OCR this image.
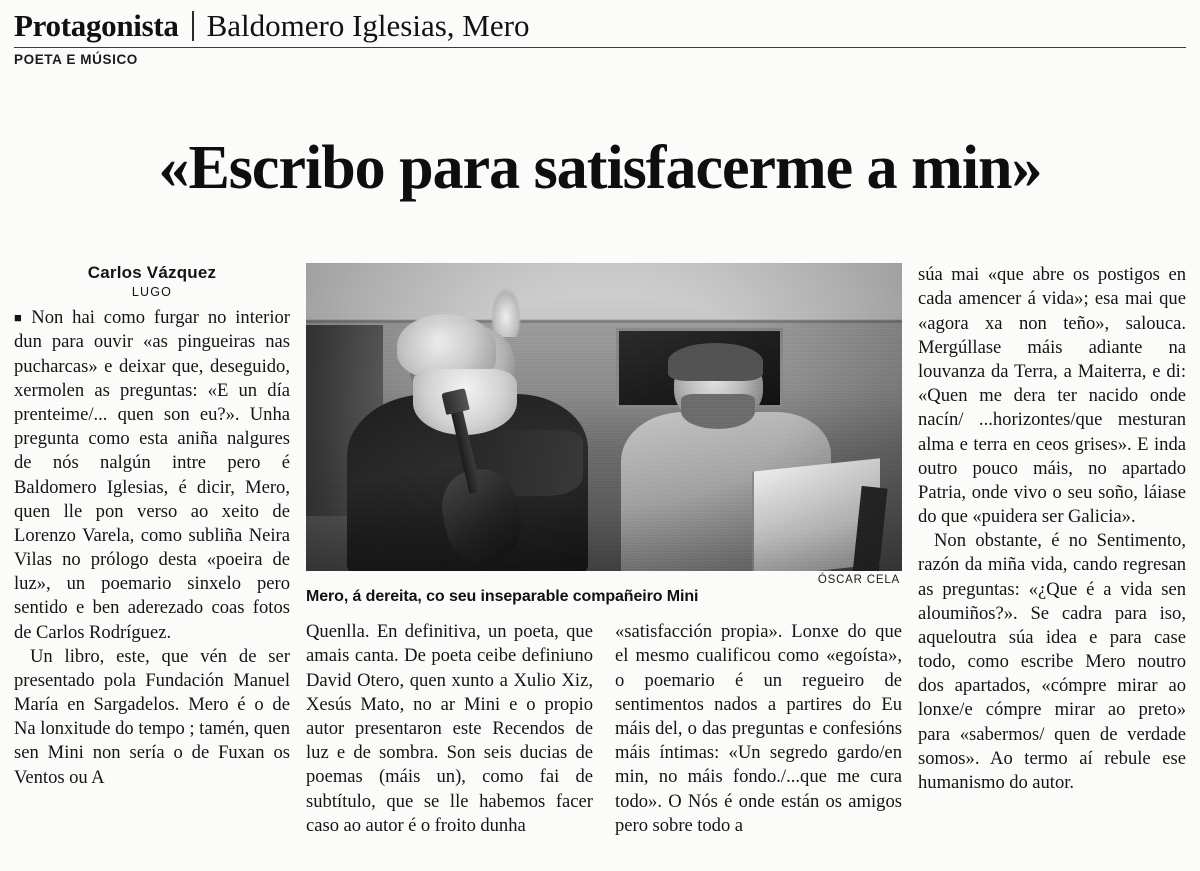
Protagonista Baldomero Iglesias, Mero
POETA E MÚSICO
«Escribo para satisfacerme a min»
Carlos Vázquez
LUGO

■ Non hai como furgar no interior dun para ouvir «as pingueiras nas pucharcas» e deixar que, deseguido, xermolen as preguntas: «E un día prenteime/... quen son eu?». Unha pregunta como esta aniña nalgures de nós nalgún intre pero é Baldomero Iglesias, é dicir, Mero, quen lle pon verso ao xeito de Lorenzo Varela, como subliña Neira Vilas no prólogo desta «poeira de luz», un poemario sinxelo pero sentido e ben aderezado coas fotos de Carlos Rodríguez.

Un libro, este, que vén de ser presentado pola Fundación Manuel María en Sargadelos. Mero é o de Na lonxitude do tempo ; tamén, quen sen Mini non sería o de Fuxan os Ventos ou A

ÓSCAR CELA
Mero, á dereita, co seu inseparable compañeiro Mini

Quenlla. En definitiva, un poeta, que amais canta. De poeta ceibe definiuno David Otero, quen xunto a Xulio Xiz, Xesús Mato, no ar Mini e o propio autor presentaron este Recendos de luz e de sombra. Son seis ducias de poemas (máis un), como fai de subtítulo, que se lle habemos facer caso ao autor é o froito dunha

«satisfacción propia». Lonxe do que el mesmo cualificou como «egoísta», o poemario é un regueiro de sentimentos nados a partires do Eu máis del, o das preguntas e confesións máis íntimas: «Un segredo gardo/en min, no máis fondo./...que me cura todo». O Nós é onde están os amigos pero sobre todo a

súa mai «que abre os postigos en cada amencer á vida»; esa mai que «agora xa non teño», salouca. Mergúllase máis adiante na louvanza da Terra, a Maiterra, e di: «Quen me dera ter nacido onde nacín/ ...horizontes/que mesturan alma e terra en ceos grises». E inda outro pouco máis, no apartado Patria, onde vivo o seu soño, láiase do que «puidera ser Galicia».

Non obstante, é no Sentimento, razón da miña vida, cando regresan as preguntas: «¿Que é a vida sen aloumiños?». Se cadra para iso, aqueloutra súa idea e para case todo, como escribe Mero noutro dos apartados, «cómpre mirar ao lonxe/e cómpre mirar ao preto» para «sabermos/ quen de verdade somos». Ao termo aí rebule ese humanismo do autor.
